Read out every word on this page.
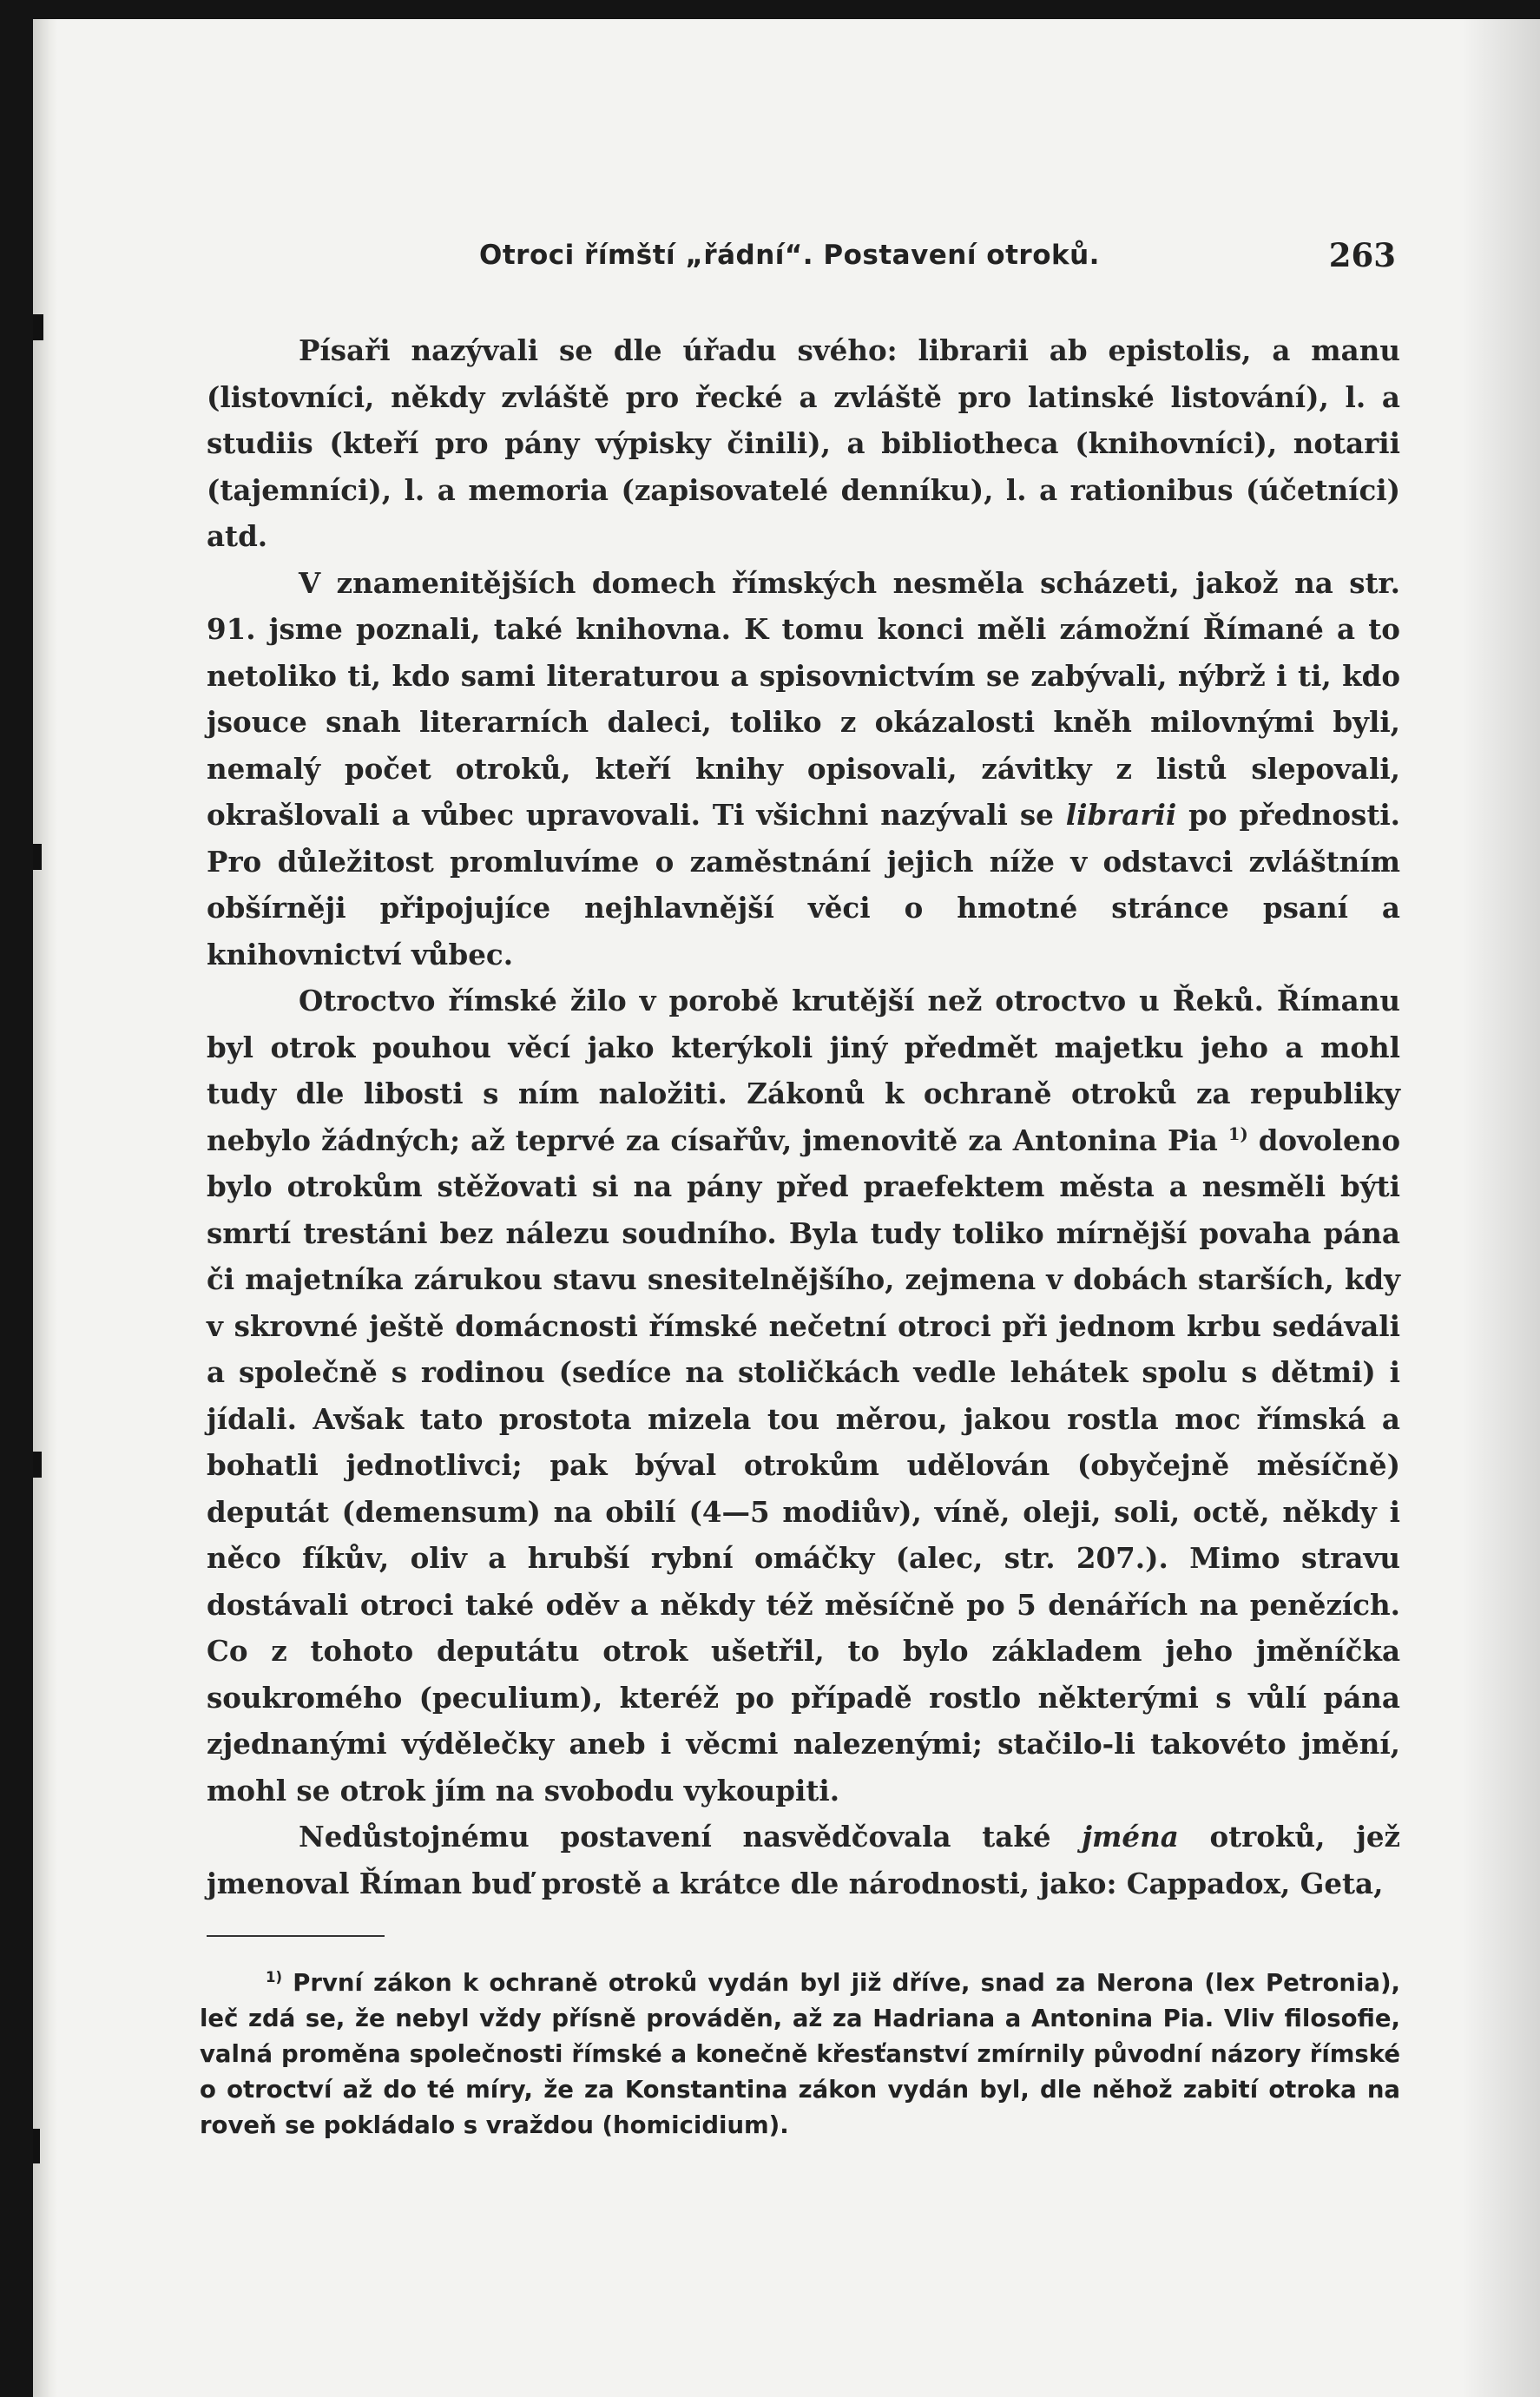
Otroci římští „řádní“. Postavení otroků.	263

Písaři nazývali se dle úřadu svého: librarii ab epistolis, a manu (listovníci, někdy zvláště pro řecké a zvláště pro latinské listování), l. a studiis (kteří pro pány výpisky činili), a bibliotheca (knihovníci), notarii (tajemníci), l. a memoria (zapisovatelé denníku), l. a rationibus (účetníci) atd.

V znamenitějších domech římských nesměla scházeti, jakož na str. 91. jsme poznali, také knihovna. K tomu konci měli zámožní Římané a to netoliko ti, kdo sami literaturou a spisovnictvím se zabývali, nýbrž i ti, kdo jsouce snah literarních daleci, toliko z okázalosti kněh milovnými byli, nemalý počet otroků, kteří knihy opisovali, závitky z listů slepovali, okrašlovali a vůbec upravovali. Ti všichni nazývali se librarii po přednosti. Pro důležitost promluvíme o zaměstnání jejich níže v odstavci zvláštním obšírněji připojujíce nejhlavnější věci o hmotné stránce psaní a knihovnictví vůbec.

Otroctvo římské žilo v porobě krutější než otroctvo u Řeků. Římanu byl otrok pouhou věcí jako kterýkoli jiný předmět majetku jeho a mohl tudy dle libosti s ním naložiti. Zákonů k ochraně otroků za republiky nebylo žádných; až teprvé za císařův, jmenovitě za Antonina Pia $^{1)}$ dovoleno bylo otrokům stěžovati si na pány před praefektem města a nesměli býti smrtí trestáni bez nálezu soudního. Byla tudy toliko mírnější povaha pána či majetníka zárukou stavu snesitelnějšího, zejmena v dobách starších, kdy v skrovné ještě domácnosti římské nečetní otroci při jednom krbu sedávali a společně s rodinou (sedíce na stoličkách vedle lehátek spolu s dětmi) i jídali. Avšak tato prostota mizela tou měrou, jakou rostla moc římská a bohatli jednotlivci; pak býval otrokům udělován (obyčejně měsíčně) deputát (demensum) na obilí (4—5 modiův), víně, oleji, soli, octě, někdy i něco fíkův, oliv a hrubší rybní omáčky (alec, str. 207.). Mimo stravu dostávali otroci také oděv a někdy též měsíčně po 5 denářích na penězích. Co z tohoto deputátu otrok ušetřil, to bylo základem jeho jměníčka soukromého (peculium), kteréž po případě rostlo některými s vůlí pána zjednanými výdělečky aneb i věcmi nalezenými; stačilo-li takovéto jmění, mohl se otrok jím na svobodu vykoupiti.

Nedůstojnému postavení nasvědčovala také jména otroků, jež jmenoval Říman buď prostě a krátce dle národnosti, jako: Cappadox, Geta,

$^{1)}$ První zákon k ochraně otroků vydán byl již dříve, snad za Nerona (lex Petronia), leč zdá se, že nebyl vždy přísně prováděn, až za Hadriana a Antonina Pia. Vliv filosofie, valná proměna společnosti římské a konečně křesťanství zmírnily původní názory římské o otroctví až do té míry, že za Konstantina zákon vydán byl, dle něhož zabití otroka na roveň se pokládalo s vraždou (homicidium).
